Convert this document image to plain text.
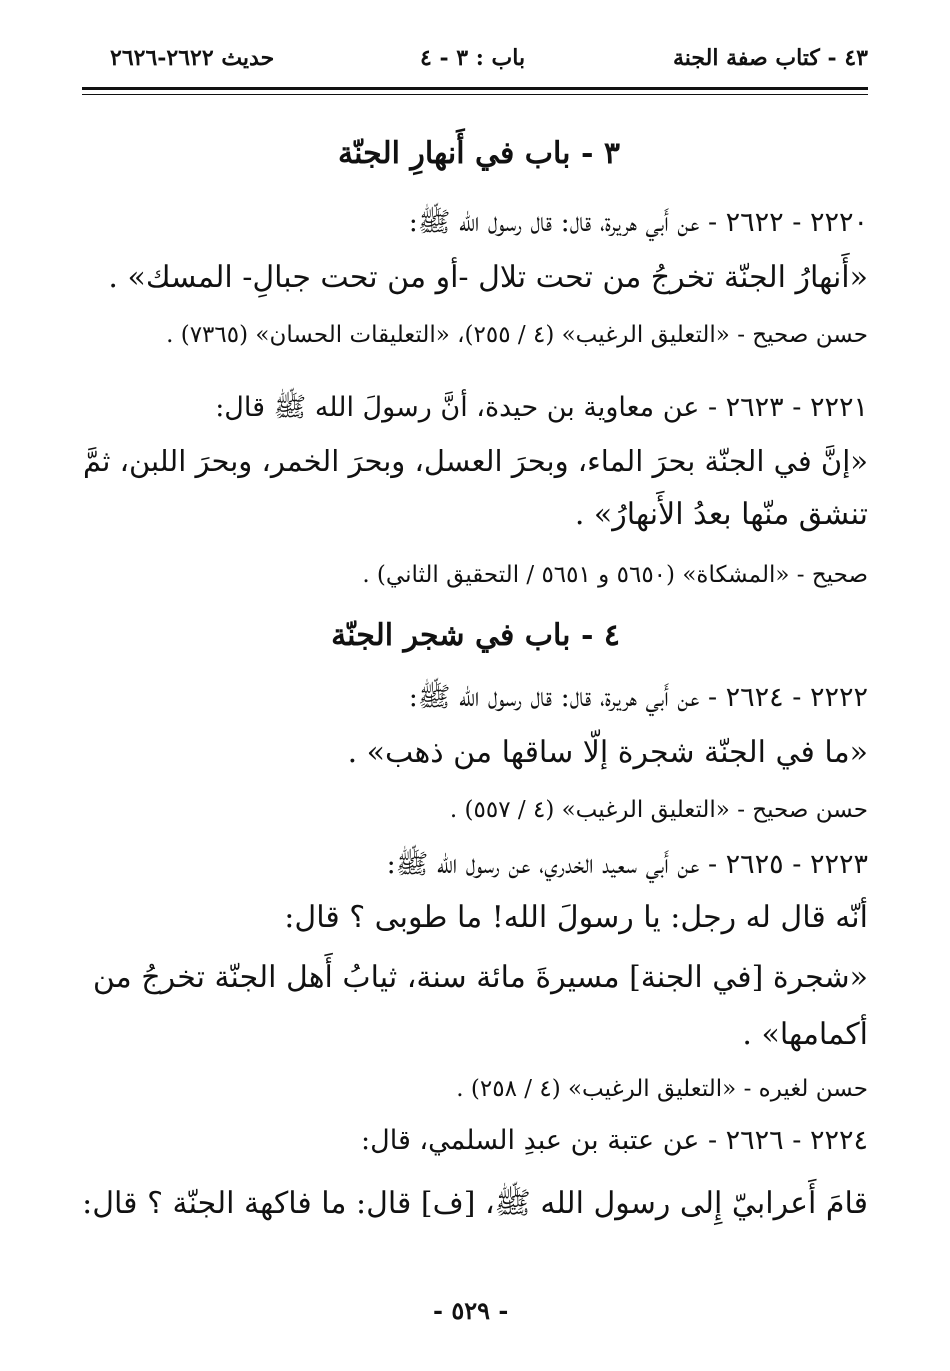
٤٣ - كتاب صفة الجنة
باب : ٣ - ٤
حديث ٢٦٢٢-٢٦٢٦
٣ - باب في أَنهارِ الجنّة
٢٢٢٠ - ٢٦٢٢ - عن أَبي هريرة، قال: قال رسول الله ﷺ:
«أَنهارُ الجنّة تخرجُ من تحت تلال -أو من تحت جبالِ- المسك» .
حسن صحيح - «التعليق الرغيب» (٤ / ٢٥٥)، «التعليقات الحسان» (٧٣٦٥) .
٢٢٢١ - ٢٦٢٣ - عن معاوية بن حيدة، أنَّ رسولَ الله ﷺ قال:
«إنَّ في الجنّة بحرَ الماء، وبحرَ العسل، وبحرَ الخمر، وبحرَ اللبن، ثمَّ
تنشق منّها بعدُ الأَنهارُ» .
صحيح - «المشكاة» (٥٦٥٠ و ٥٦٥١ / التحقيق الثاني) .
٤ - باب في شجر الجنّة
٢٢٢٢ - ٢٦٢٤ - عن أَبي هريرة، قال: قال رسول الله ﷺ:
«ما في الجنّة شجرة إلّا ساقها من ذهب» .
حسن صحيح - «التعليق الرغيب» (٤ / ٥٥٧) .
٢٢٢٣ - ٢٦٢٥ - عن أَبي سعيد الخدري، عن رسول الله ﷺ:
أنّه قال له رجل: يا رسولَ الله! ما طوبى ؟ قال:
«شجرة [في الجنة] مسيرةَ مائة سنة، ثيابُ أَهل الجنّة تخرجُ من
أكمامها» .
حسن لغيره - «التعليق الرغيب» (٤ / ٢٥٨) .
٢٢٢٤ - ٢٦٢٦ - عن عتبة بن عبدِ السلمي، قال:
قامَ أَعرابيّ إِلى رسول الله ﷺ، [ف] قال: ما فاكهة الجنّة ؟ قال:
- ٥٢٩ -
